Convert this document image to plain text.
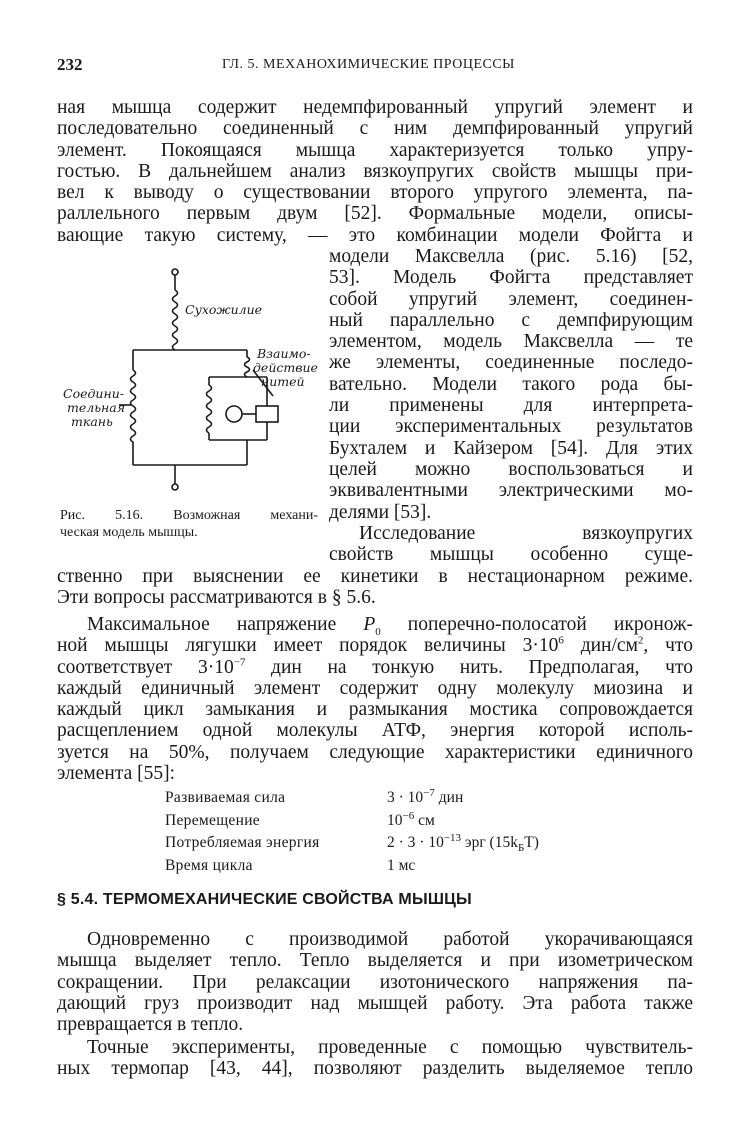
232	ГЛ. 5. МЕХАНОХИМИЧЕСКИЕ ПРОЦЕССЫ
ная мышца содержит недемпфированный упругий элемент и
последовательно соединенный с ним демпфированный упругий
элемент. Покоящаяся мышца характеризуется только упру-
гостью. В дальнейшем анализ вязкоупругих свойств мышцы при-
вел к выводу о существовании второго упругого элемента, па-
раллельного первым двум [52]. Формальные модели, описы-
вающие такую систему, — это комбинации модели Фойгта и
модели Максвелла (рис. 5.16) [52,
53]. Модель Фойгта представляет
собой упругий элемент, соединен-
ный параллельно с демпфирующим
элементом, модель Максвелла — те
же элементы, соединенные последо-
вательно. Модели такого рода бы-
ли применены для интерпрета-
ции экспериментальных результатов
Бухталем и Кайзером [54]. Для этих
целей можно воспользоваться и
эквивалентными электрическими мо-
делями [53].
Исследование вязкоупругих
свойств мышцы особенно суще-
Сухожилие
Взаимо-
действие
нитей
Соедини-
тельная
ткань
Рис. 5.16. Возможная механи-
ческая модель мышцы.
ственно при выяснении ее кинетики в нестационарном режиме.
Эти вопросы рассматриваются в § 5.6.
Максимальное напряжение $P_0$ поперечно-полосатой икронож-
ной мышцы лягушки имеет порядок величины $3\cdot 10^6$ дин/$см^2$, что
соответствует $3\cdot 10^{-7}$ дин на тонкую нить. Предполагая, что
каждый единичный элемент содержит одну молекулу миозина и
каждый цикл замыкания и размыкания мостика сопровождается
расщеплением одной молекулы АТФ, энергия которой исполь-
зуется на 50%, получаем следующие характеристики единичного
элемента [55]:
Развиваемая сила	$3 \cdot 10^{-7}$ дин
Перемещение	$10^{-6}$ см
Потребляемая энергия	$2 \cdot 3 \cdot 10^{-13}$ эрг $(15k_БT)$
Время цикла	1 мс
§ 5.4. ТЕРМОМЕХАНИЧЕСКИЕ СВОЙСТВА МЫШЦЫ
Одновременно с производимой работой укорачивающаяся
мышца выделяет тепло. Тепло выделяется и при изометрическом
сокращении. При релаксации изотонического напряжения па-
дающий груз производит над мышцей работу. Эта работа также
превращается в тепло.
Точные эксперименты, проведенные с помощью чувствитель-
ных термопар [43, 44], позволяют разделить выделяемое тепло
